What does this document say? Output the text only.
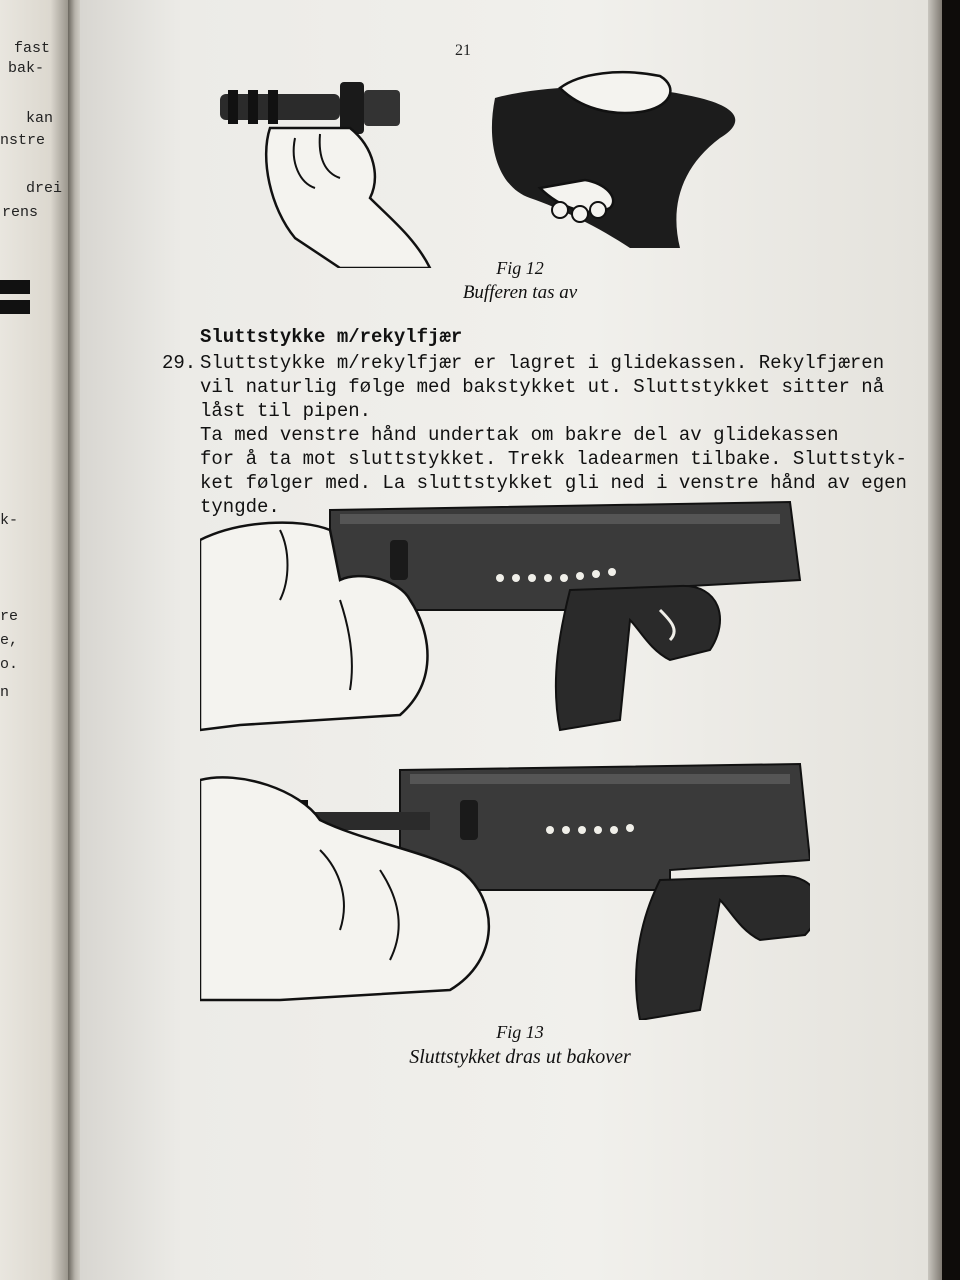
fast
bak-
kan
nstre
drei
rens
k-
re
e,
o.
n
21
Fig 12
Bufferen tas av
Sluttstykke m/rekylfjær
29. Sluttstykke m/rekylfjær er lagret i glidekassen. Rekylfjæren
vil naturlig følge med bakstykket ut. Sluttstykket sitter nå
låst til pipen.
Ta med venstre hånd undertak om bakre del av glidekassen
for å ta mot sluttstykket. Trekk ladearmen tilbake. Sluttstyk-
ket følger med. La sluttstykket gli ned i venstre hånd av egen
tyngde.
Fig 13
Sluttstykket dras ut bakover
